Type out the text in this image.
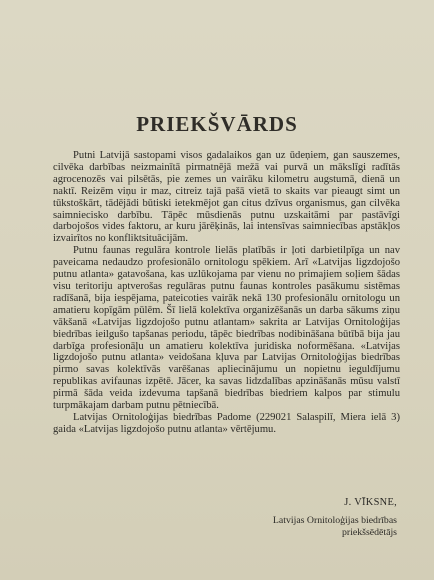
PRIEKŠVĀRDS

Putni Latvijā sastopami visos gadalaikos gan uz ūdeņiem, gan sauszemes, cilvēka darbības neizmainītā pirmatnējā mežā vai purvā un mākslīgi radītās agrocenozēs vai pilsētās, pie zemes un vairāku kilometru augstumā, dienā un naktī. Reizēm viņu ir maz, citreiz tajā pašā vietā to skaits var pieaugt simt un tūkstoškārt, tādējādi būtiski ietekmējot gan citus dzīvus organismus, gan cilvēka saimniecisko darbību. Tāpēc mūsdienās putnu uzskaitāmi par pastāvīgi darbojošos vides faktoru, ar kuru jārēķinās, lai intensīvas saimniecības apstākļos izvairītos no konfliktsituācijām.

Putnu faunas regulāra kontrole lielās platībās ir ļoti darbietilpīga un nav paveicama nedaudzo profesionālo ornitologu spēkiem. Arī «Latvijas ligzdojošo putnu atlanta» gatavošana, kas uzlūkojama par vienu no primajiem soļiem šādas visu teritoriju aptverošas regulāras putnu faunas kontroles pasākumu sistēmas radīšanā, bija iespējama, pateicoties vairāk nekā 130 profesionālu ornitologu un amatieru kopīgām pūlēm. Šī lielā kolektīva organizēšanās un darba sākums ziņu vākšanā «Latvijas ligzdojošo putnu atlantam» sakrita ar Latvijas Ornitoloģijas biedrības ieilgušo tapšanas periodu, tāpēc biedrības nodibināšana būtībā bija jau darbīga profesionāļu un amatieru kolektīva juridiska noformēšana. «Latvijas ligzdojošo putnu atlanta» veidošana kļuva par Latvijas Ornitoloģijas biedrības pirmo savas kolektīvās varēšanas apliecinājumu un nopietnu ieguldījumu republikas avifaunas izpētē. Jācer, ka savas lidzdalības apzināšanās mūsu valstī pirmā šāda veida izdevuma tapšanā biedrības biedriem kalpos par stimulu turpmākajam darbam putnu pētniecībā.

Latvijas Ornitoloģijas biedrības Padome (229021 Salaspilī, Miera ielā 3) gaida «Latvijas ligzdojošo putnu atlanta» vērtējumu.

J. VĪKSNE,
Latvijas Ornitoloģijas biedrības
priekšsēdētājs
